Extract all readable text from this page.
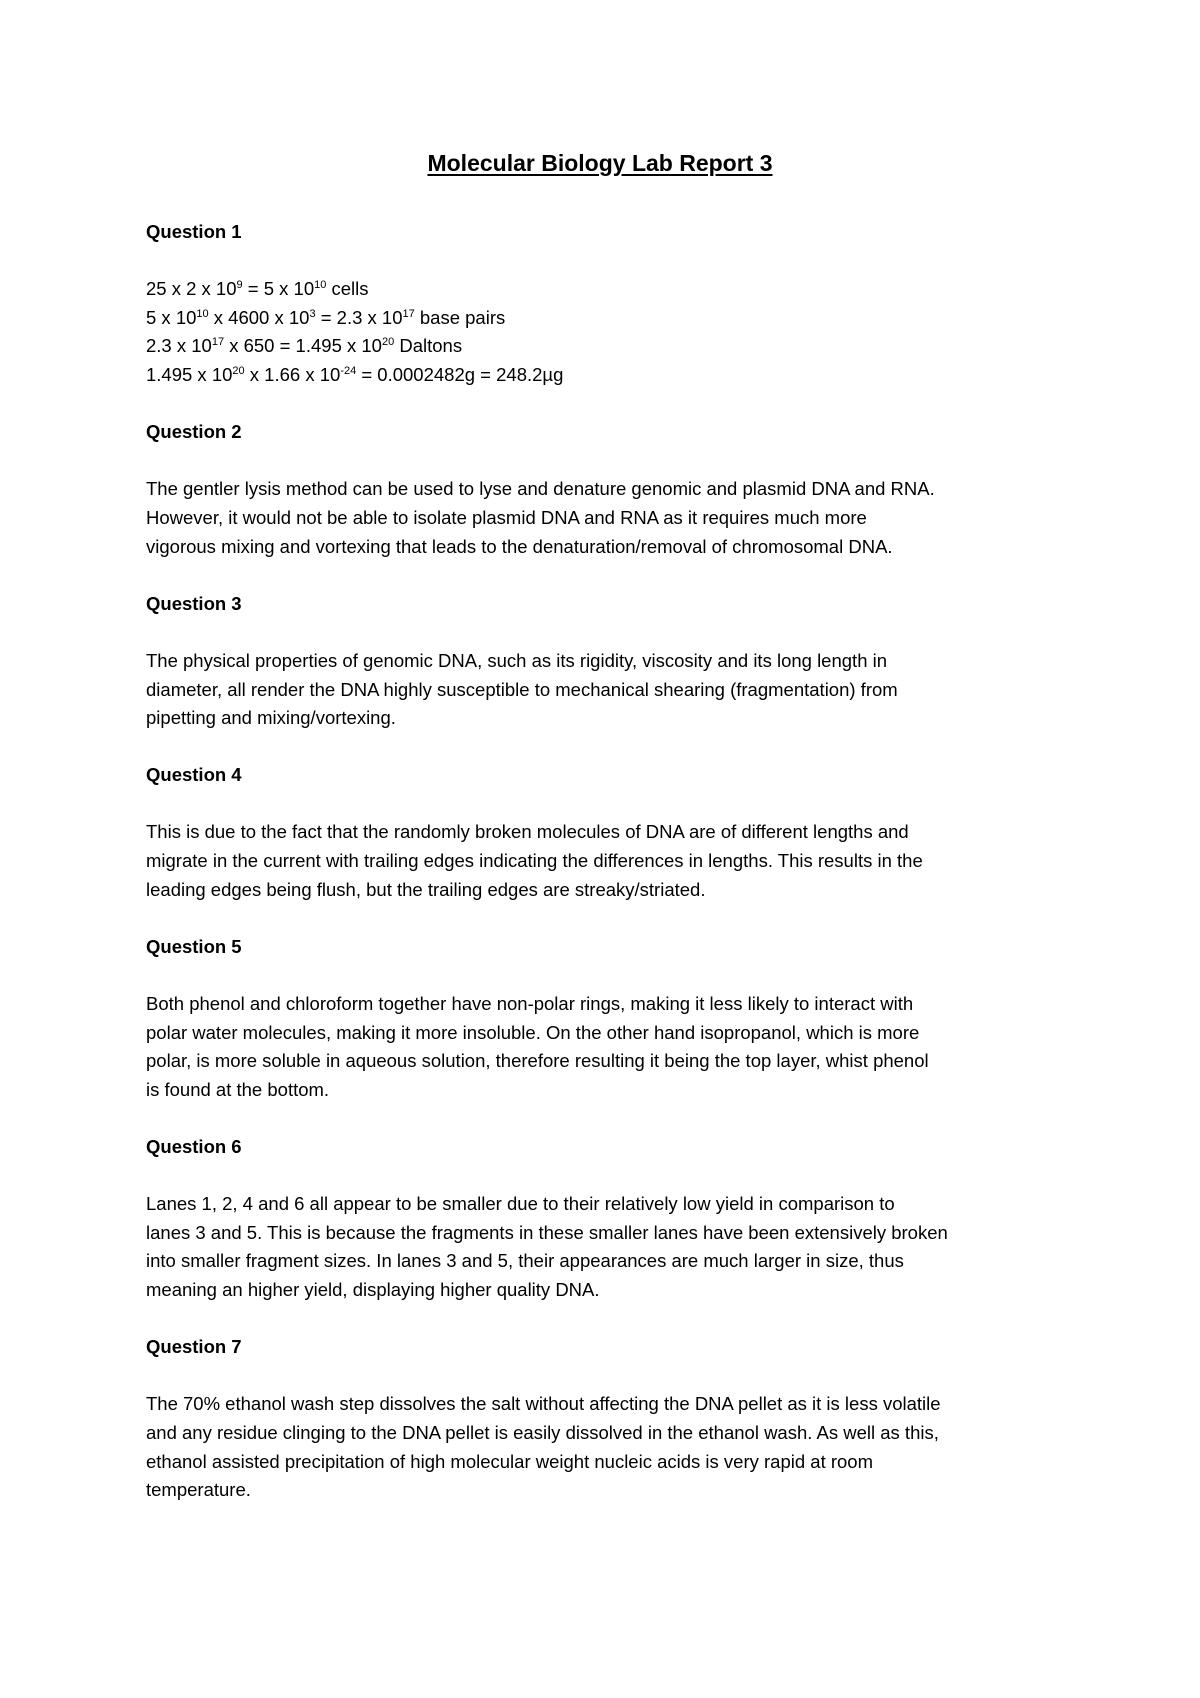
Molecular Biology Lab Report 3
Question 1
25 x 2 x $10^9 = 5$ x $10^{10}$ cells
5 x $10^{10}$ x 4600 x $10^3 = 2.3$ x $10^{17}$ base pairs
2.3 x $10^{17}$ x 650 = 1.495 x $10^{20}$ Daltons
1.495 x $10^{20}$ x 1.66 x $10^{-24} = 0.0002482g = 248.2\mu g$
Question 2
The gentler lysis method can be used to lyse and denature genomic and plasmid DNA and RNA.
However, it would not be able to isolate plasmid DNA and RNA as it requires much more
vigorous mixing and vortexing that leads to the denaturation/removal of chromosomal DNA.
Question 3
The physical properties of genomic DNA, such as its rigidity, viscosity and its long length in
diameter, all render the DNA highly susceptible to mechanical shearing (fragmentation) from
pipetting and mixing/vortexing.
Question 4
This is due to the fact that the randomly broken molecules of DNA are of different lengths and
migrate in the current with trailing edges indicating the differences in lengths. This results in the
leading edges being flush, but the trailing edges are streaky/striated.
Question 5
Both phenol and chloroform together have non-polar rings, making it less likely to interact with
polar water molecules, making it more insoluble. On the other hand isopropanol, which is more
polar, is more soluble in aqueous solution, therefore resulting it being the top layer, whist phenol
is found at the bottom.
Question 6
Lanes 1, 2, 4 and 6 all appear to be smaller due to their relatively low yield in comparison to
lanes 3 and 5. This is because the fragments in these smaller lanes have been extensively broken
into smaller fragment sizes. In lanes 3 and 5, their appearances are much larger in size, thus
meaning an higher yield, displaying higher quality DNA.
Question 7
The 70% ethanol wash step dissolves the salt without affecting the DNA pellet as it is less volatile
and any residue clinging to the DNA pellet is easily dissolved in the ethanol wash. As well as this,
ethanol assisted precipitation of high molecular weight nucleic acids is very rapid at room
temperature.
